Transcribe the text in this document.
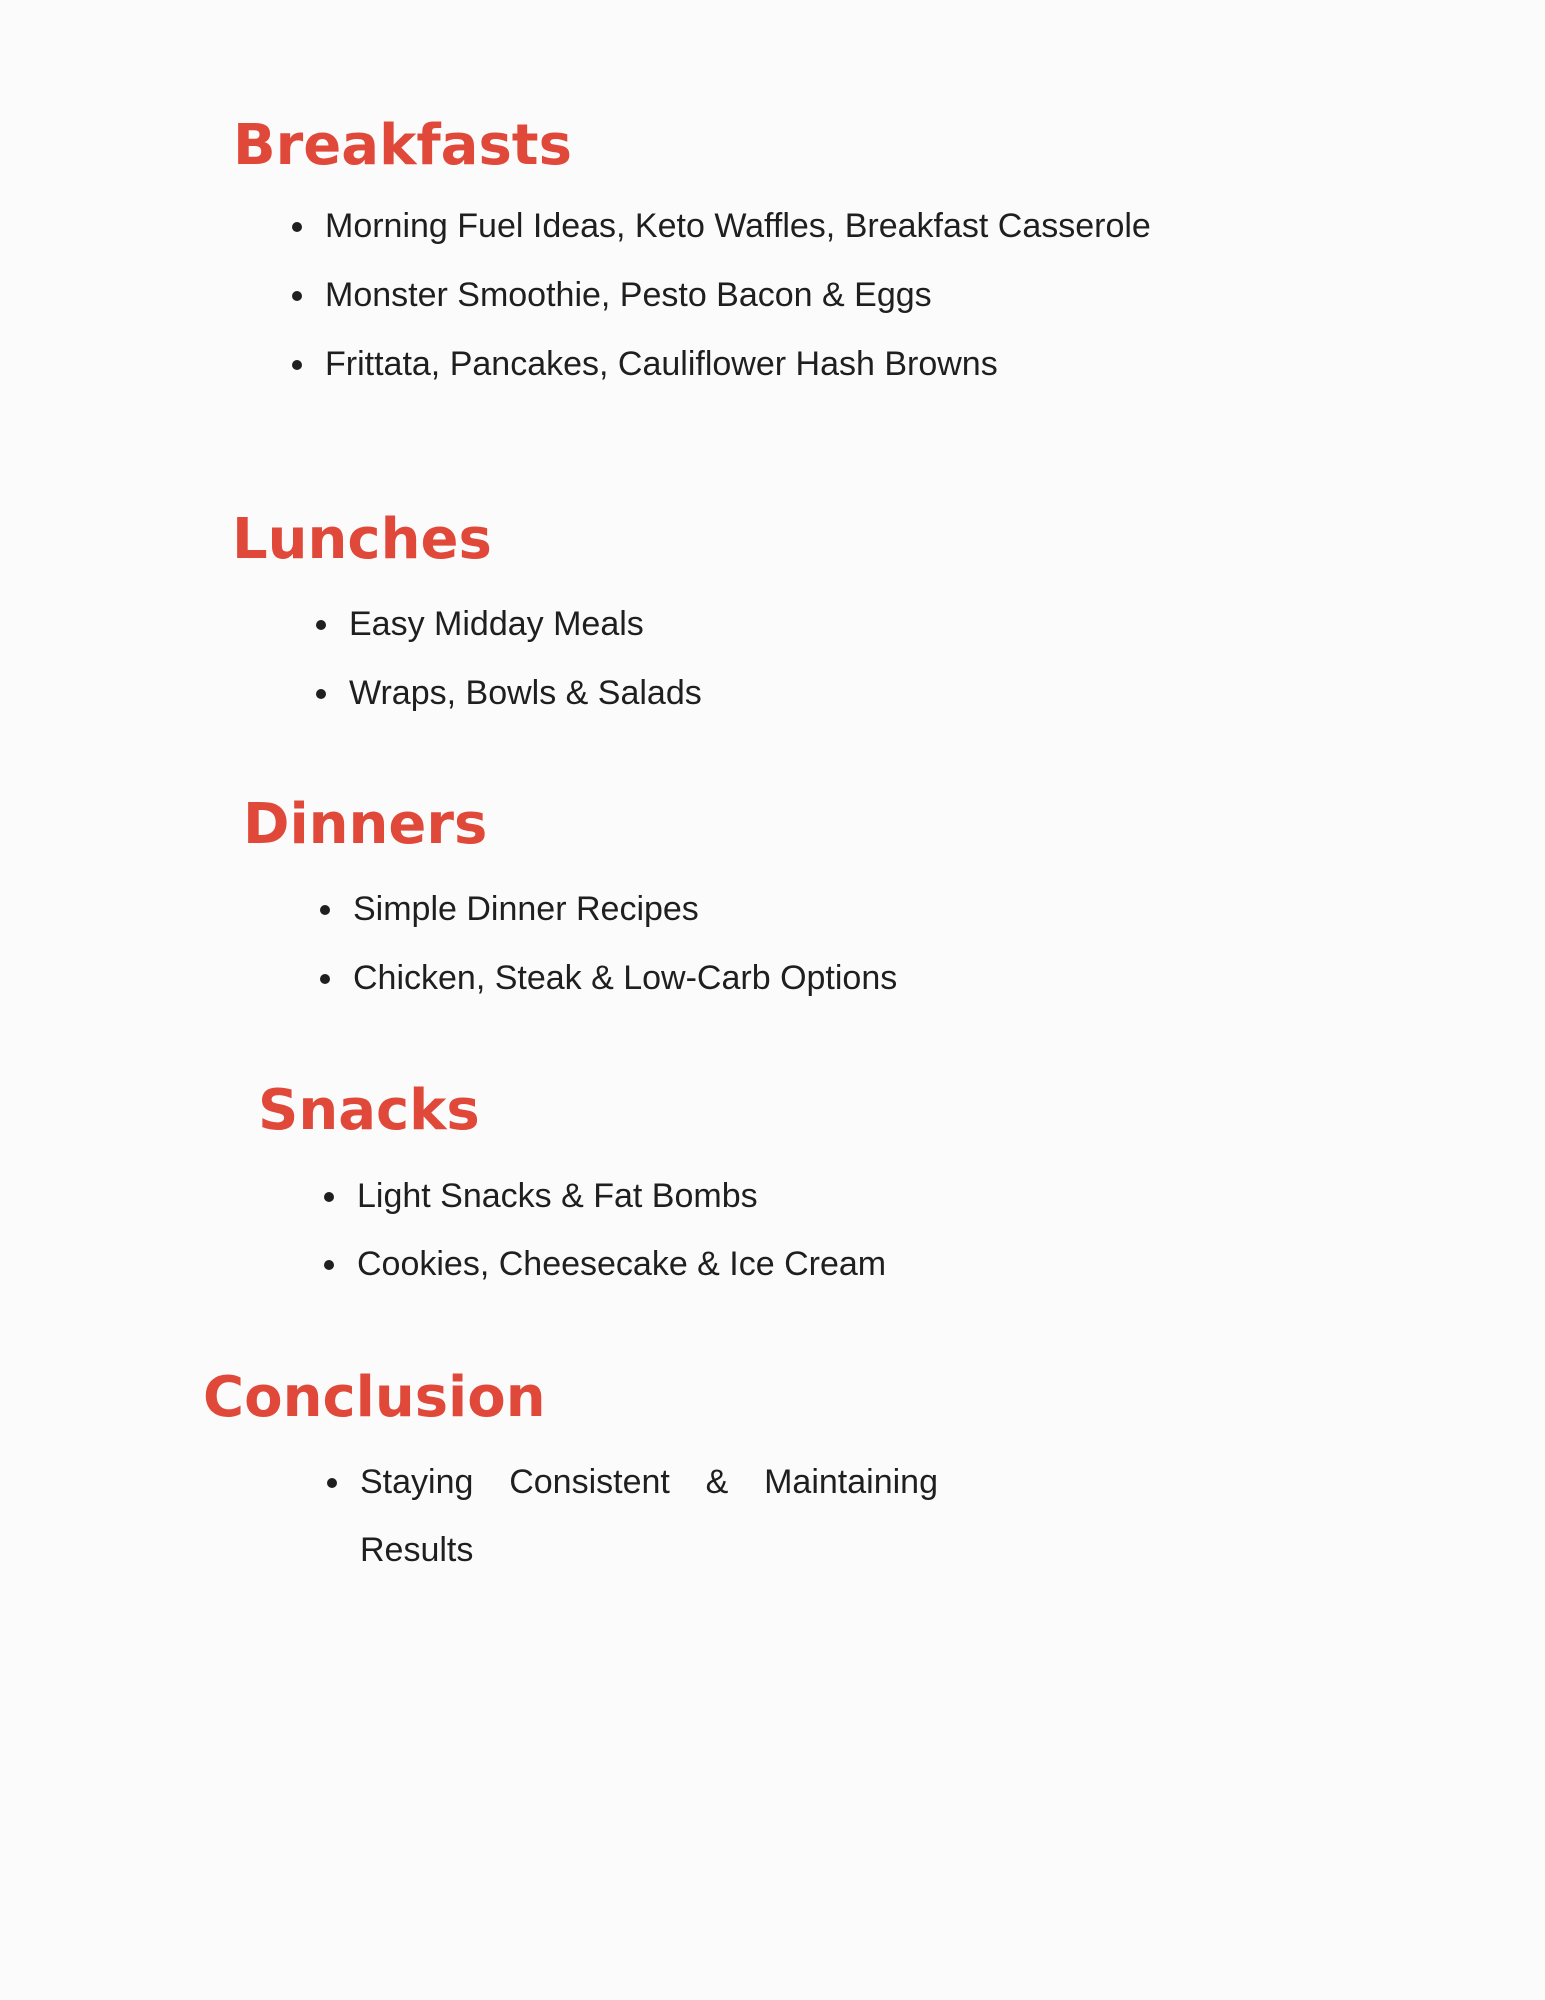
Breakfasts
Morning Fuel Ideas, Keto Waffles, Breakfast Casserole
Monster Smoothie, Pesto Bacon & Eggs
Frittata, Pancakes, Cauliflower Hash Browns
Lunches
Easy Midday Meals
Wraps, Bowls & Salads
Dinners
Simple Dinner Recipes
Chicken, Steak & Low-Carb Options
Snacks
Light Snacks & Fat Bombs
Cookies, Cheesecake & Ice Cream
Conclusion
Staying Consistent & Maintaining
Results
